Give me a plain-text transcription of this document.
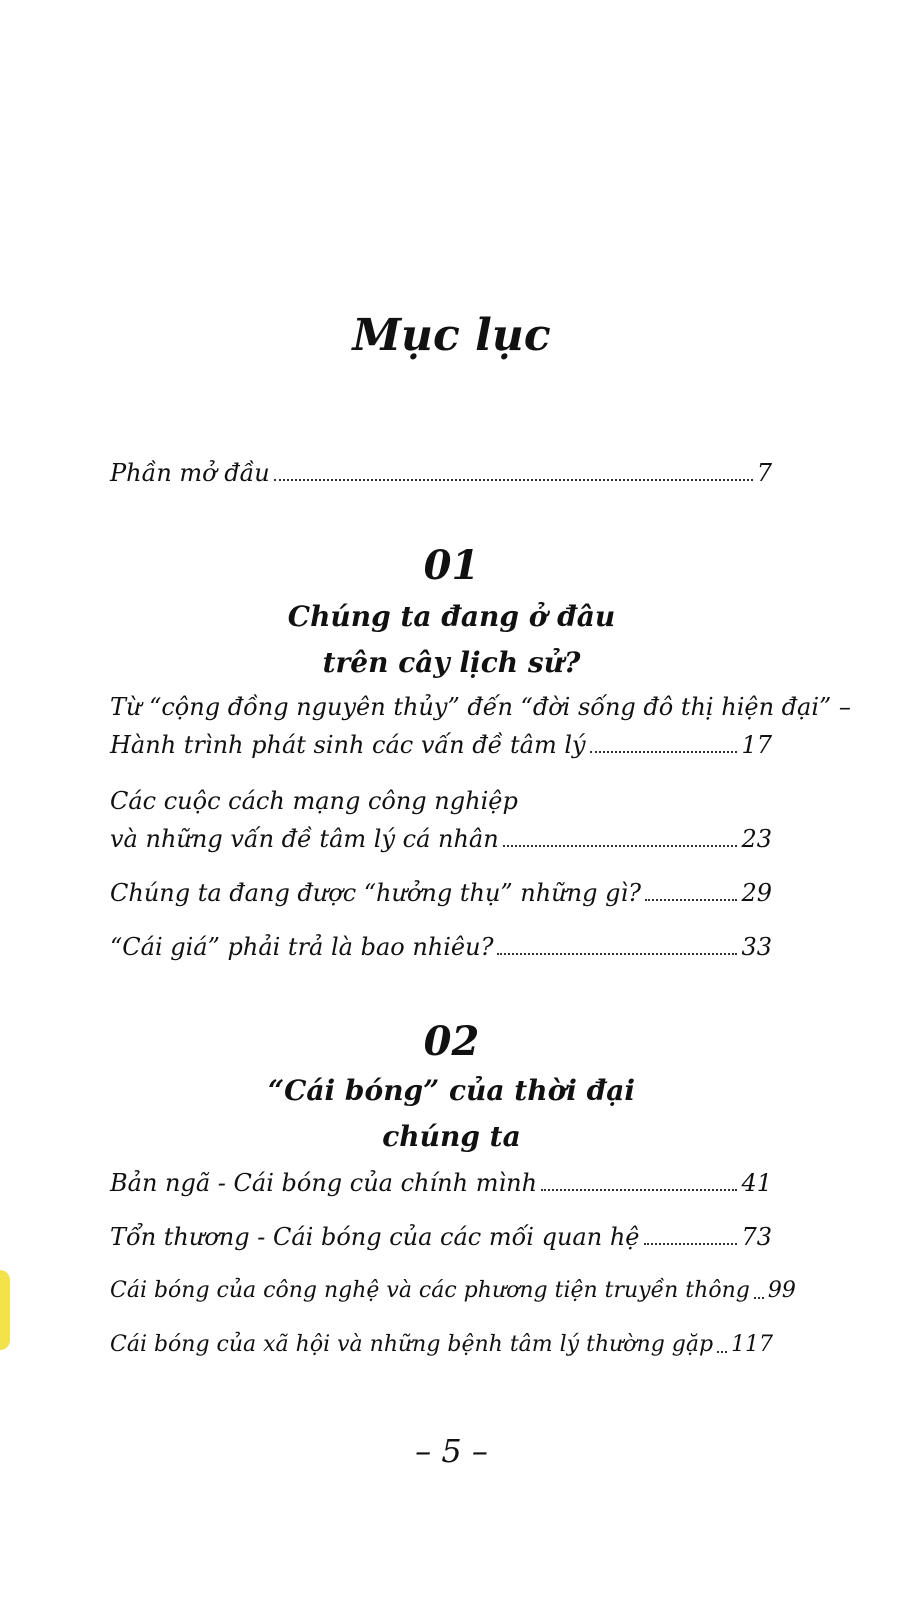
Mục lục
Phần mở đầu	7
01
Chúng ta đang ở đâu
trên cây lịch sử?
Từ “cộng đồng nguyên thủy” đến “đời sống đô thị hiện đại” –
Hành trình phát sinh các vấn đề tâm lý	17
Các cuộc cách mạng công nghiệp
và những vấn đề tâm lý cá nhân	23
Chúng ta đang được “hưởng thụ” những gì?	29
“Cái giá” phải trả là bao nhiêu?	33
02
“Cái bóng” của thời đại
chúng ta
Bản ngã - Cái bóng của chính mình	41
Tổn thương - Cái bóng của các mối quan hệ	73
Cái bóng của công nghệ và các phương tiện truyền thông 99
Cái bóng của xã hội và những bệnh tâm lý thường gặp 117
– 5 –
